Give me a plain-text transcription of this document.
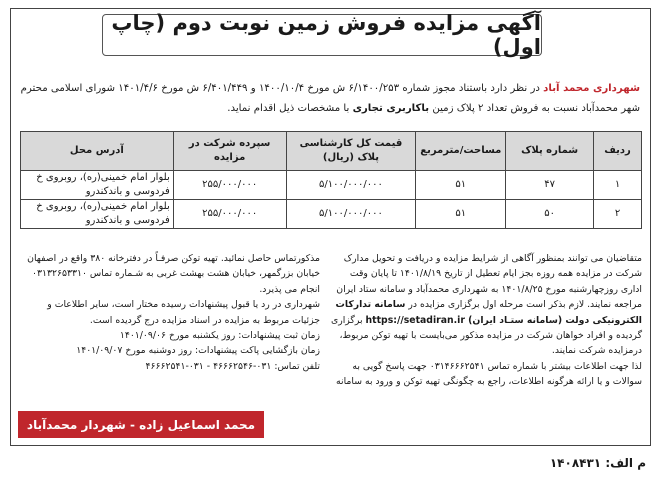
آگهی مزایده فروش زمین نوبت دوم (چاپ اول)
شهرداری محمد آباد در نظر دارد باستناد مجوز شماره ۶/۱۴۰۰/۲۵۳ ش مورخ ۱۴۰۰/۱۰/۴ و ۶/۴۰۱/۴۴۹ ش مورخ ۱۴۰۱/۴/۶ شورای اسلامی محترم شهر محمدآباد نسبت به فروش تعداد ۲ پلاک زمین باکاربری تجاری با مشخصات ذیل اقدام نماید.
ردیف	شماره پلاک	مساحت/مترمربع	قیمت کل کارشناسی پلاک (ریال)	سپرده شرکت در مزایده	آدرس محل
۱	۴۷	۵۱	۵/۱۰۰/۰۰۰/۰۰۰	۲۵۵/۰۰۰/۰۰۰	بلوار امام خمینی(ره)، روبروی خ فردوسی و باندکندرو
۲	۵۰	۵۱	۵/۱۰۰/۰۰۰/۰۰۰	۲۵۵/۰۰۰/۰۰۰	بلوار امام خمینی(ره)، روبروی خ فردوسی و باندکندرو
متقاضیان می توانند بمنظور آگاهی از شرایط مزایده و دریافت و تحویل مدارک شرکت در مزایده همه روزه بجز ایام تعطیل از تاریخ ۱۴۰۱/۸/۱۹ تا پایان وقت اداری روزچهارشنبه مورخ ۱۴۰۱/۸/۲۵ به شهرداری محمدآباد و سامانه ستاد ایران مراجعه نمایند. لازم بذکر است مرحله اول برگزاری مزایده در سامانه تدارکات الکترونیکی دولت (سامانه ستـاد ایران) https://setadiran.ir برگزاری گردیده و افراد خواهان شرکت در مزایده مذکور می‌بایست با تهیه توکن مربوط، درمزایده شرکت نمایند.
لذا جهت اطلاعات بیشتر با شماره تماس ۰۳۱۴۶۶۶۲۵۴۱ جهت پاسخ گویی به سوالات و یا ارائه هرگونه اطلاعات، راجع به چگونگی تهیه توکن و ورود به سامانه
مذکورتماس حاصل نمائید. تهیه توکن صرفـاً در دفترخانه ۳۸۰ واقع در اصفهان خیابان بزرگمهر، خیابان هشت بهشت غربی به شـماره تماس ۰۳۱۳۲۶۵۳۳۱۰ انجام می پذیرد.
شهرداری در رد یا قبول پیشنهادات رسیده مختار است، سایر اطلاعات و جزئیات مربوط به مزایده در اسناد مزایده درج گردیده است.
زمان ثبت پیشنهادات: روز یکشنبه مورخ ۱۴۰۱/۰۹/۰۶
زمان بازگشایی پاکت پیشنهادات: روز دوشنبه مورخ ۱۴۰۱/۰۹/۰۷
تلفن تماس: ۰۳۱-۴۶۶۶۲۵۴۶ - ۰۳۱-۴۶۶۶۲۵۴۱
محمد اسماعیل زاده - شهردار محمدآباد
م الف: ۱۴۰۸۴۳۱
